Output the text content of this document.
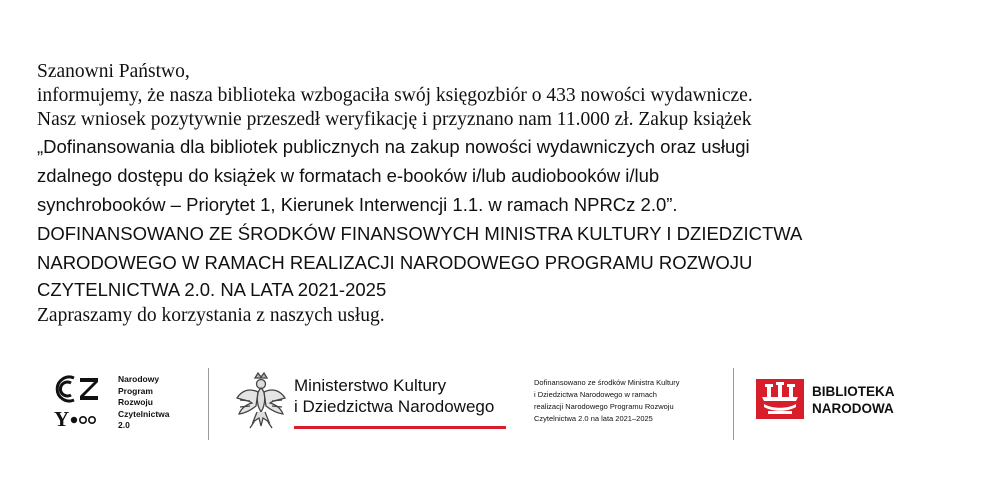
Szanowni Państwo,
informujemy, że nasza biblioteka wzbogaciła swój księgozbiór o 433 nowości wydawnicze.
Nasz wniosek pozytywnie przeszedł weryfikację i przyznano nam 11.000 zł. Zakup książek
„Dofinansowania dla bibliotek publicznych na zakup nowości wydawniczych oraz usługi
zdalnego dostępu do książek w formatach e-booków i/lub audiobooków i/lub
synchrobooków – Priorytet 1, Kierunek Interwencji 1.1. w ramach NPRCz 2.0”.
DOFINANSOWANO ZE ŚRODKÓW FINANSOWYCH MINISTRA KULTURY I DZIEDZICTWA
NARODOWEGO W RAMACH REALIZACJI NARODOWEGO PROGRAMU ROZWOJU
CZYTELNICTWA 2.0. NA LATA 2021-2025
Zapraszamy do korzystania z naszych usług.
Y
Narodowy
Program
Rozwoju
Czytelnictwa
2.0
Ministerstwo Kultury
i Dziedzictwa Narodowego
Dofinansowano ze środków Ministra Kultury
i Dziedzictwa Narodowego w ramach
realizacji Narodowego Programu Rozwoju
Czytelnictwa 2.0 na lata 2021–2025
BIBLIOTEKA
NARODOWA
